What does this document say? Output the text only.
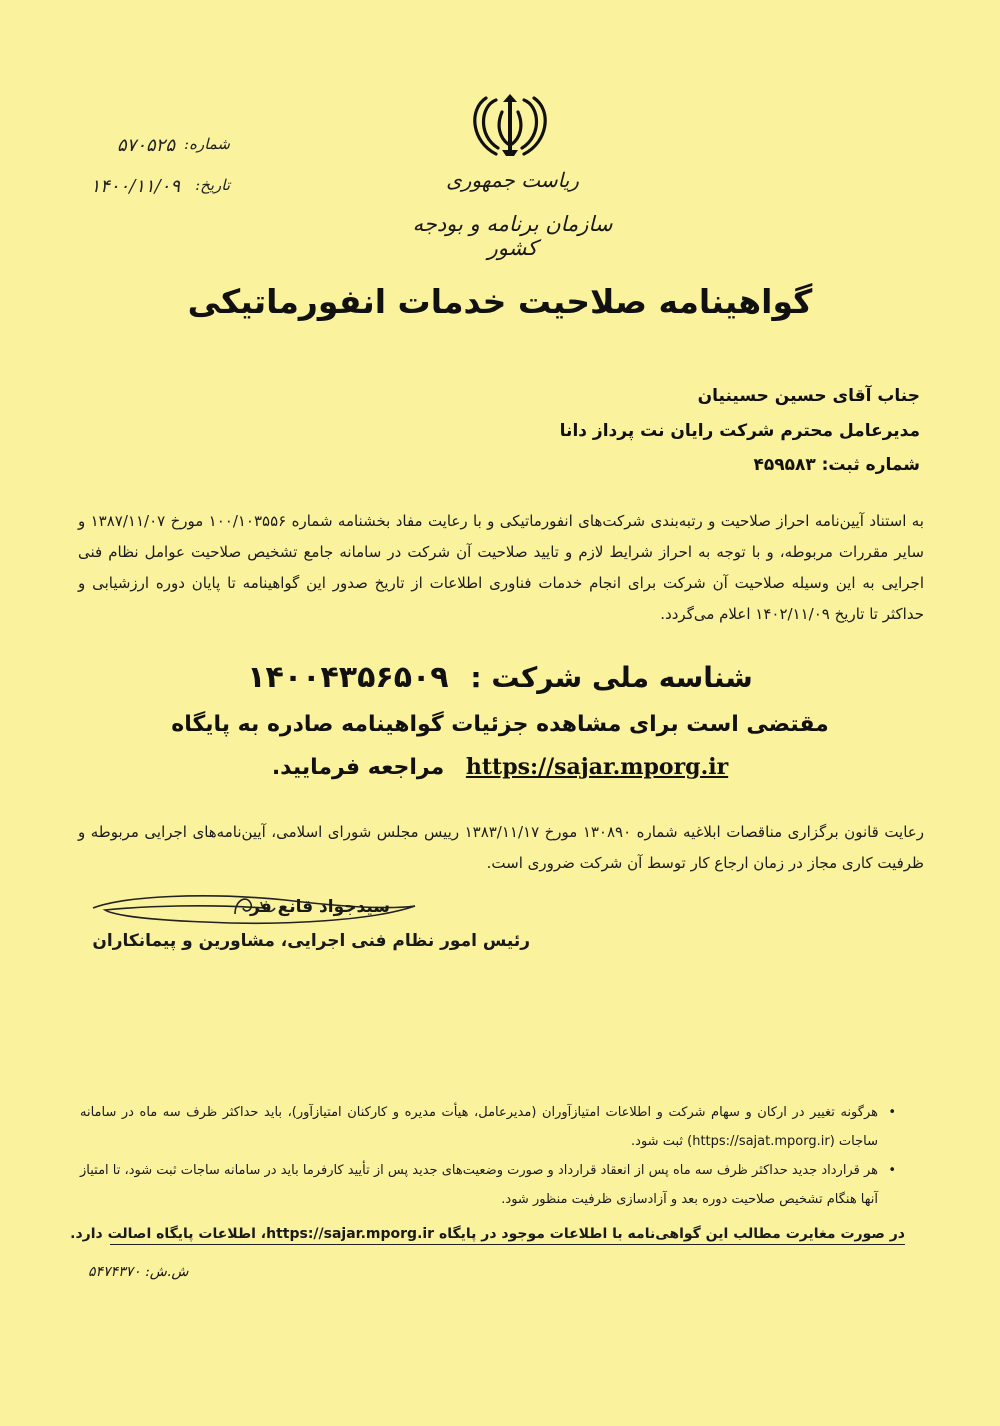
شماره:
۵۷۰۵۲۵
تاریخ:
۱۴۰۰/۱۱/۰۹	ریاست جمهوری
سازمان برنامه و بودجه کشور
گواهینامه صلاحیت خدمات انفورماتیکی
جناب آقای حسین حسینیان
مدیرعامل محترم شرکت رایان نت پرداز دانا
شماره ثبت: ۴۵۹۵۸۳
به استناد آیین‌نامه احراز صلاحیت و رتبه‌بندی شرکت‌های انفورماتیکی و با رعایت مفاد بخشنامه شماره ۱۰۰/۱۰۳۵۵۶ مورخ ۱۳۸۷/۱۱/۰۷ و سایر مقررات مربوطه، و با توجه به احراز شرایط لازم و تایید صلاحیت آن شرکت در سامانه جامع تشخیص صلاحیت عوامل نظام فنی اجرایی به این وسیله صلاحیت آن شرکت برای انجام خدمات فناوری اطلاعات از تاریخ صدور این گواهینامه تا پایان دوره ارزشیابی و حداکثر تا تاریخ ۱۴۰۲/۱۱/۰۹ اعلام می‌گردد.
شناسه ملی شرکت : ۱۴۰۰۴۳۵۶۵۰۹
مقتضی است برای مشاهده جزئیات گواهینامه صادره به پایگاه
https://sajar.mporg.ir مراجعه فرمایید.
رعایت قانون برگزاری مناقصات ابلاغیه شماره ۱۳۰۸۹۰ مورخ ۱۳۸۳/۱۱/۱۷ رییس مجلس شورای اسلامی، آیین‌نامه‌های اجرایی مربوطه و ظرفیت کاری مجاز در زمان ارجاع کار توسط آن شرکت ضروری است.
سیدجواد قانع فر
رئیس امور نظام فنی اجرایی، مشاورین و پیمانکاران
•
هرگونه تغییر در ارکان و سهام شرکت و اطلاعات امتیازآوران (مدیرعامل، هیأت مدیره و کارکنان امتیازآور)، باید حداکثر ظرف سه ماه در سامانه ساجات (https://sajat.mporg.ir) ثبت شود.
•
هر قرارداد جدید حداکثر ظرف سه ماه پس از انعقاد قرارداد و صورت وضعیت‌های جدید پس از تأیید کارفرما باید در سامانه ساجات ثبت شود، تا امتیاز آنها هنگام تشخیص صلاحیت دوره بعد و آزادسازی ظرفیت منظور شود.
در صورت مغایرت مطالب این گواهی‌نامه با اطلاعات موجود در پایگاه https://sajar.mporg.ir، اطلاعات پایگاه اصالت دارد.
ش.ش: ۵۴۷۴۳۷۰
